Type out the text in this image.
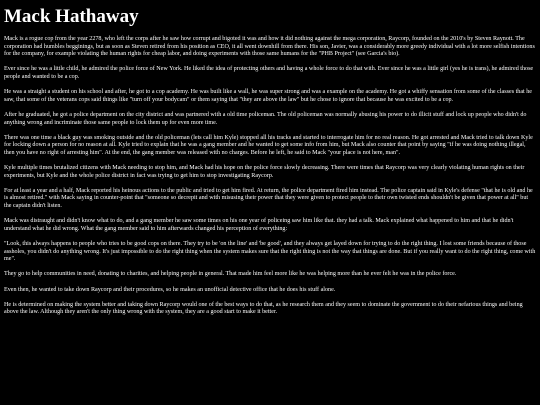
Mack Hathaway

Mack is a rogue cop from the year 2278, who left the corps after he saw how corrupt and bigoted it was and how it did nothing against the mega corporation, Raycorp, founded on the 2010's by Steven Raynott. The corporation had humbles begginings, but as soon as Steven retired from his position as CEO, it all went downhill from there. His son, Javier, was a considerably more greedy individual with a lot more selfish intentions for the company, for example violating the human rights for cheap labor, and doing experiments with those same humans for the "PHB Project" (see Garcia's bio).

Ever since he was a little child, he admired the police force of New York. He liked the idea of protecting others and having a whole force to do that with. Ever since he was a little girl (yes he is trans), he admired those people and wanted to be a cop.

He was a straight a student on his school and after, he got to a cop academy. He was built like a wall, he was super strong and was a example on the academy. He got a whiffy sensation from some of the classes that he saw, that some of the veterans cops said things like "turn off your bodycam" or them saying that "they are above the law" but he chose to ignore that because he was excited to be a cop.

After he graduated, he got a police department on the city district and was partnered with a old time policeman. The old policeman was normally abusing his power to do illicit stuff and lock up people who didn't do anything wrong and incriminate those same people to lock them up for even more time.

There was one time a black guy was smoking outside and the old policeman (lets call him Kyle) stopped all his tracks and started to interrogate him for no real reason. He got arrested and Mack tried to talk down Kyle for locking down a person for no reason at all. Kyle tried to explain that he was a gang member and he wanted to get some info from him, but Mack also counter that point by saying "if he was doing nothing illegal, then you have no right of arresting him". At the end, the gang member was released with no charges. Before he left, he said to Mack "your place is not here, man".

Kyle multiple times brutalized citizens with Mack needing to stop him, and Mack had his hope on the police force slowly decreasing. There were times that Raycorp was very clearly violating human rights on their experiments, but Kyle and the whole police district in fact was trying to get him to stop investigating Raycorp.

For at least a year and a half, Mack reported his heinous actions to the public and tried to get him fired. At return, the police department fired him instead. The police captain said in Kyle's defense "that he is old and he is almost retired." with Mack saying in counter-point that "someone so decrepit and with misusing their power that they were given to protect people to their own twisted ends shouldn't be given that power at all" but the captain didn't listen.

Mack was distraught and didn't know what to do, and a gang member he saw some times on his one year of policeing saw him like that. they had a talk. Mack explained what happened to him and that he didn't understand what he did wrong. What the gang member said to him afterwards changed his perception of everything:

"Look, this always happens to people who tries to be good cops on there. They try to be 'on the line' and 'be good', and they always get layed down for trying to do the right thing. I lost some friends because of those assholes, you didn't do anything wrong. It's just impossible to do the right thing when the system makes sure that the right thing is not the way that things are done. But if you really want to do the right thing, come with me".

They go to help communities in need, donating to charities, and helping people in general. That made him feel more like he was helping more than he ever felt he was in the police force.

Even then, he wanted to take down Raycorp and their procedures, so he makes an unofficial detective office that he does his stuff alone.

He is determined on making the system better and taking down Raycorp would one of the best ways to do that, as he research them and they seem to dominate the government to do their nefarious things and being above the law. Although they aren't the only thing wrong with the system, they are a good start to make it better.
